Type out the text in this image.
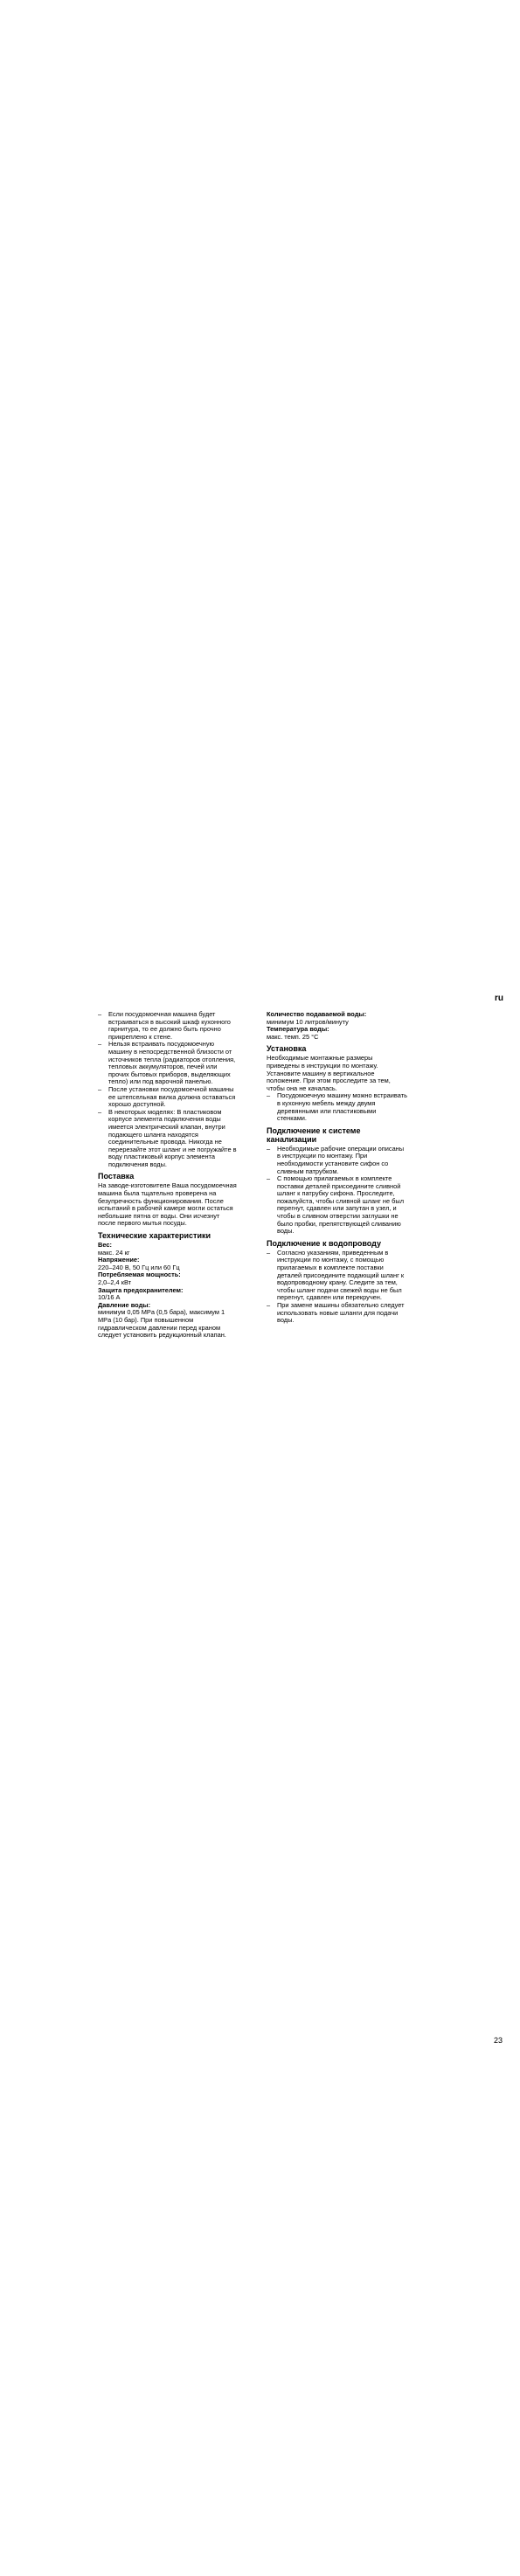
ru
– Если посудомоечная машина будет встраиваться в высокий шкаф кухонного гарнитура, то ее должно быть прочно прикреплено к стене.
– Нельзя встраивать посудомоечную машину в непосредственной близости от источников тепла (радиаторов отопления, тепловых аккумуляторов, печей или прочих бытовых приборов, выделяющих тепло) или под варочной панелью.
– После установки посудомоечной машины ее штепсельная вилка должна оставаться хорошо доступной.
– В некоторых моделях: В пластиковом корпусе элемента подключения воды имеется электрический клапан, внутри подающего шланга находятся соединительные провода. Никогда не перерезайте этот шланг и не погружайте в воду пластиковый корпус элемента подключения воды.
Поставка

На заводе-изготовителе Ваша посудомоечная машина была тщательно проверена на безупречность функционирования. После испытаний в рабочей камере могли остаться небольшие пятна от воды. Они исчезнут после первого мытья посуды.

Технические характеристики
Вес:
макс. 24 кг
Напряжение:
220–240 В, 50 Гц или 60 Гц
Потребляемая мощность:
2,0–2,4 кВт
Защита предохранителем:
10/16 А
Давление воды:
минимум 0,05 MPa (0,5 бара), максимум 1 MPa (10 бар). При повышенном гидравлическом давлении перед краном следует установить редукционный клапан.
Количество подаваемой воды:
минимум 10 литров/минуту
Температура воды:
макс. темп. 25 °C
Установка

Необходимые монтажные размеры приведены в инструкции по монтажу. Установите машину в вертикальное положение. При этом проследите за тем, чтобы она не качалась.

– Посудомоечную машину можно встраивать в кухонную мебель между двумя деревянными или пластиковыми стенками.
Подключение к системе канализации
– Необходимые рабочие операции описаны в инструкции по монтажу. При необходимости установите сифон со сливным патрубком.
– С помощью прилагаемых в комплекте поставки деталей присоедините сливной шланг к патрубку сифона. Проследите, пожалуйста, чтобы сливной шланг не был перегнут, сдавлен или запутан в узел, и чтобы в сливном отверстии заглушки не было пробки, препятствующей сливанию воды.
Подключение к водопроводу
– Согласно указаниям, приведенным в инструкции по монтажу, с помощью прилагаемых в комплекте поставки деталей присоедините подающий шланг к водопроводному крану. Следите за тем, чтобы шланг подачи свежей воды не был перегнут, сдавлен или перекручен.
– При замене машины обязательно следует использовать новые шланги для подачи воды.
23
